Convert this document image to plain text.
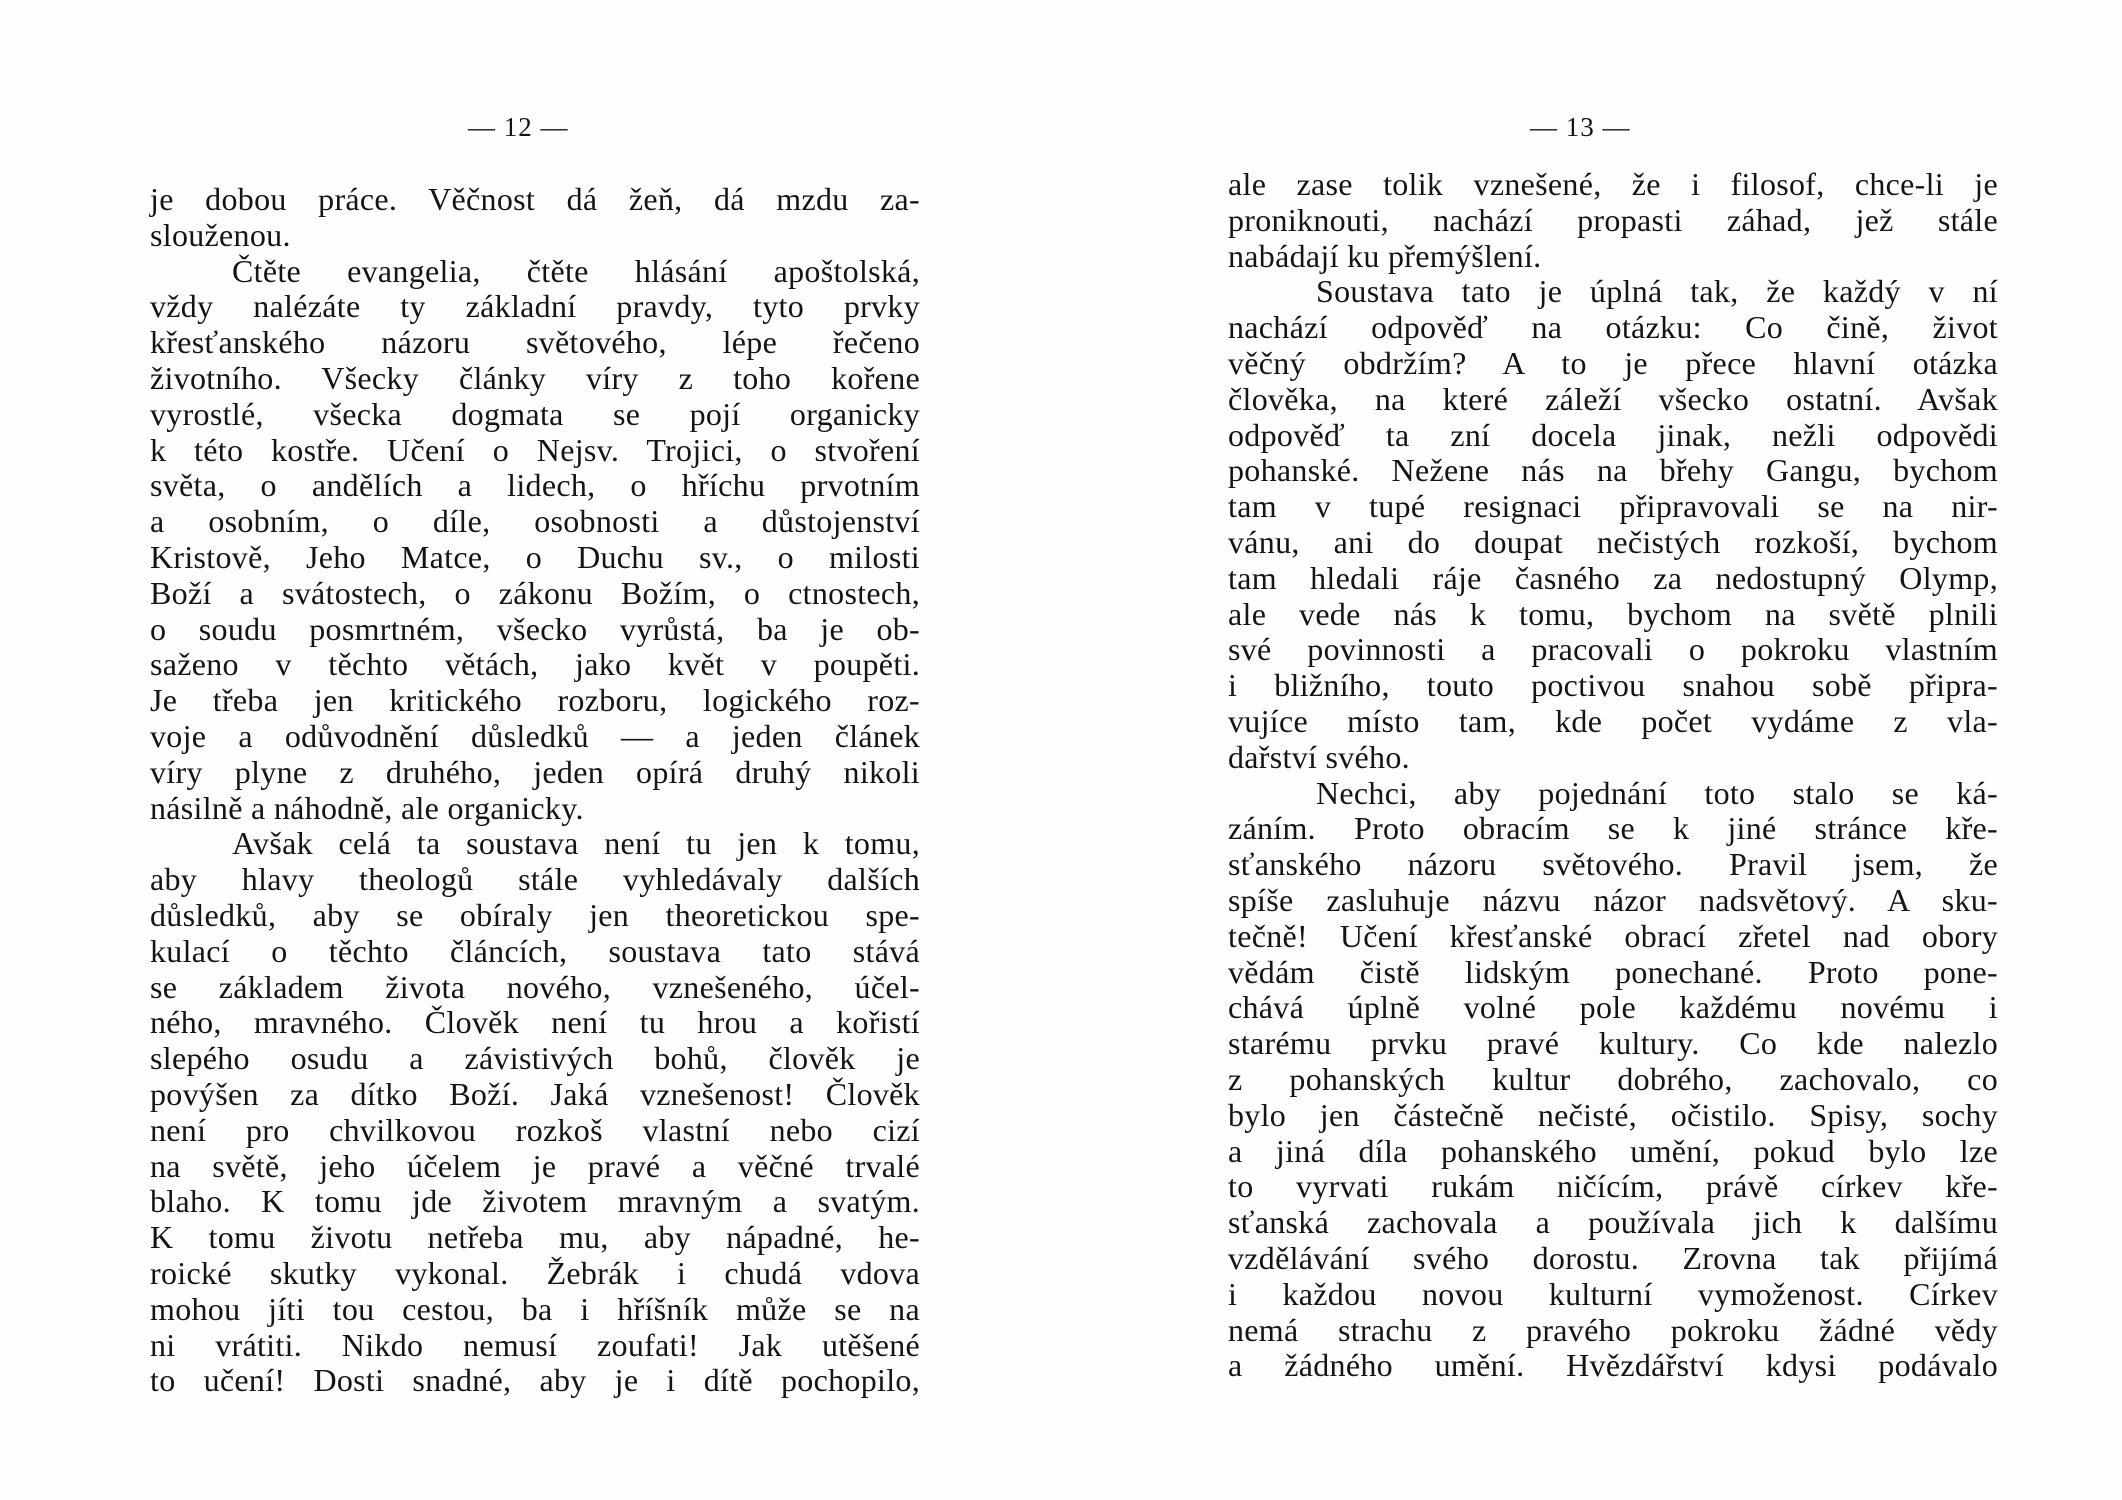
— 12 —	— 13 —
je dobou práce. Věčnost dá žeň, dá mzdu za-
slouženou.
Čtěte evangelia, čtěte hlásání apoštolská,
vždy nalézáte ty základní pravdy, tyto prvky
křesťanského názoru světového, lépe řečeno
životního. Všecky články víry z toho kořene
vyrostlé, všecka dogmata se pojí organicky
k této kostře. Učení o Nejsv. Trojici, o stvoření
světa, o andělích a lidech, o hříchu prvotním
a osobním, o díle, osobnosti a důstojenství
Kristově, Jeho Matce, o Duchu sv., o milosti
Boží a svátostech, o zákonu Božím, o ctnostech,
o soudu posmrtném, všecko vyrůstá, ba je ob-
saženo v těchto větách, jako květ v poupěti.
Je třeba jen kritického rozboru, logického roz-
voje a odůvodnění důsledků — a jeden článek
víry plyne z druhého, jeden opírá druhý nikoli
násilně a náhodně, ale organicky.
Avšak celá ta soustava není tu jen k tomu,
aby hlavy theologů stále vyhledávaly dalších
důsledků, aby se obíraly jen theoretickou spe-
kulací o těchto článcích, soustava tato stává
se základem života nového, vznešeného, účel-
ného, mravného. Člověk není tu hrou a kořistí
slepého osudu a závistivých bohů, člověk je
povýšen za dítko Boží. Jaká vznešenost! Člověk
není pro chvilkovou rozkoš vlastní nebo cizí
na světě, jeho účelem je pravé a věčné trvalé
blaho. K tomu jde životem mravným a svatým.
K tomu životu netřeba mu, aby nápadné, he-
roické skutky vykonal. Žebrák i chudá vdova
mohou jíti tou cestou, ba i hříšník může se na
ni vrátiti. Nikdo nemusí zoufati! Jak utěšené
to učení! Dosti snadné, aby je i dítě pochopilo,
ale zase tolik vznešené, že i filosof, chce-li je
proniknouti, nachází propasti záhad, jež stále
nabádají ku přemýšlení.
Soustava tato je úplná tak, že každý v ní
nachází odpověď na otázku: Co čině, život
věčný obdržím? A to je přece hlavní otázka
člověka, na které záleží všecko ostatní. Avšak
odpověď ta zní docela jinak, nežli odpovědi
pohanské. Nežene nás na břehy Gangu, bychom
tam v tupé resignaci připravovali se na nir-
vánu, ani do doupat nečistých rozkoší, bychom
tam hledali ráje časného za nedostupný Olymp,
ale vede nás k tomu, bychom na světě plnili
své povinnosti a pracovali o pokroku vlastním
i bližního, touto poctivou snahou sobě připra-
vujíce místo tam, kde počet vydáme z vla-
dařství svého.
Nechci, aby pojednání toto stalo se ká-
záním. Proto obracím se k jiné stránce kře-
sťanského názoru světového. Pravil jsem, že
spíše zasluhuje názvu názor nadsvětový. A sku-
tečně! Učení křesťanské obrací zřetel nad obory
vědám čistě lidským ponechané. Proto pone-
chává úplně volné pole každému novému i
starému prvku pravé kultury. Co kde nalezlo
z pohanských kultur dobrého, zachovalo, co
bylo jen částečně nečisté, očistilo. Spisy, sochy
a jiná díla pohanského umění, pokud bylo lze
to vyrvati rukám ničícím, právě církev kře-
sťanská zachovala a používala jich k dalšímu
vzdělávání svého dorostu. Zrovna tak přijímá
i každou novou kulturní vymoženost. Církev
nemá strachu z pravého pokroku žádné vědy
a žádného umění. Hvězdářství kdysi podávalo
